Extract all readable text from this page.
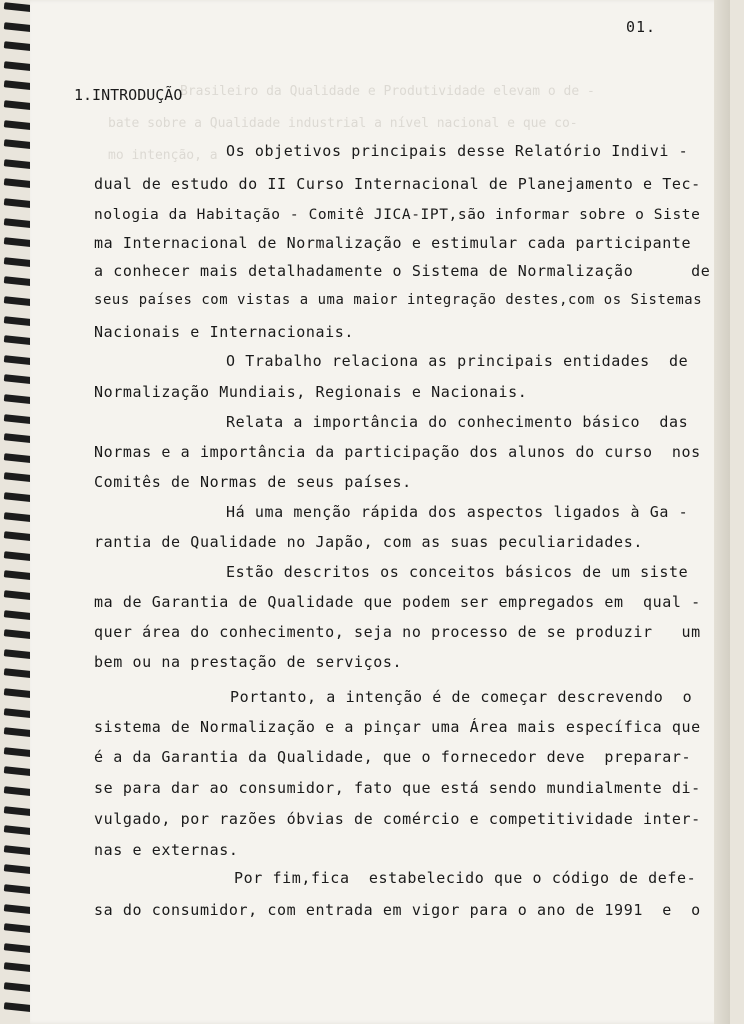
Brasileiro da Qualidade e Produtividade elevam o de -
bate sobre a Qualidade industrial a nível nacional e que co-
mo intenção, a
01.
1.INTRODUÇÃO
Os objetivos principais desse Relatório Indivi -
dual de estudo do II Curso Internacional de Planejamento e Tec-
nologia da Habitação - Comitê JICA-IPT,são informar sobre o Siste
ma Internacional de Normalização e estimular cada participante
a conhecer mais detalhadamente o Sistema de Normalização      de
seus países com vistas a uma maior integração destes,com os Sistemas
Nacionais e Internacionais.
O Trabalho relaciona as principais entidades  de
Normalização Mundiais, Regionais e Nacionais.
Relata a importância do conhecimento básico  das
Normas e a importância da participação dos alunos do curso  nos
Comitês de Normas de seus países.
Há uma menção rápida dos aspectos ligados à Ga -
rantia de Qualidade no Japão, com as suas peculiaridades.
Estão descritos os conceitos básicos de um siste
ma de Garantia de Qualidade que podem ser empregados em  qual -
quer área do conhecimento, seja no processo de se produzir   um
bem ou na prestação de serviços.
Portanto, a intenção é de começar descrevendo  o
sistema de Normalização e a pinçar uma Área mais específica que
é a da Garantia da Qualidade, que o fornecedor deve  preparar-
se para dar ao consumidor, fato que está sendo mundialmente di-
vulgado, por razões óbvias de comércio e competitividade inter-
nas e externas.
Por fim,fica  estabelecido que o código de defe-
sa do consumidor, com entrada em vigor para o ano de 1991  e  o
